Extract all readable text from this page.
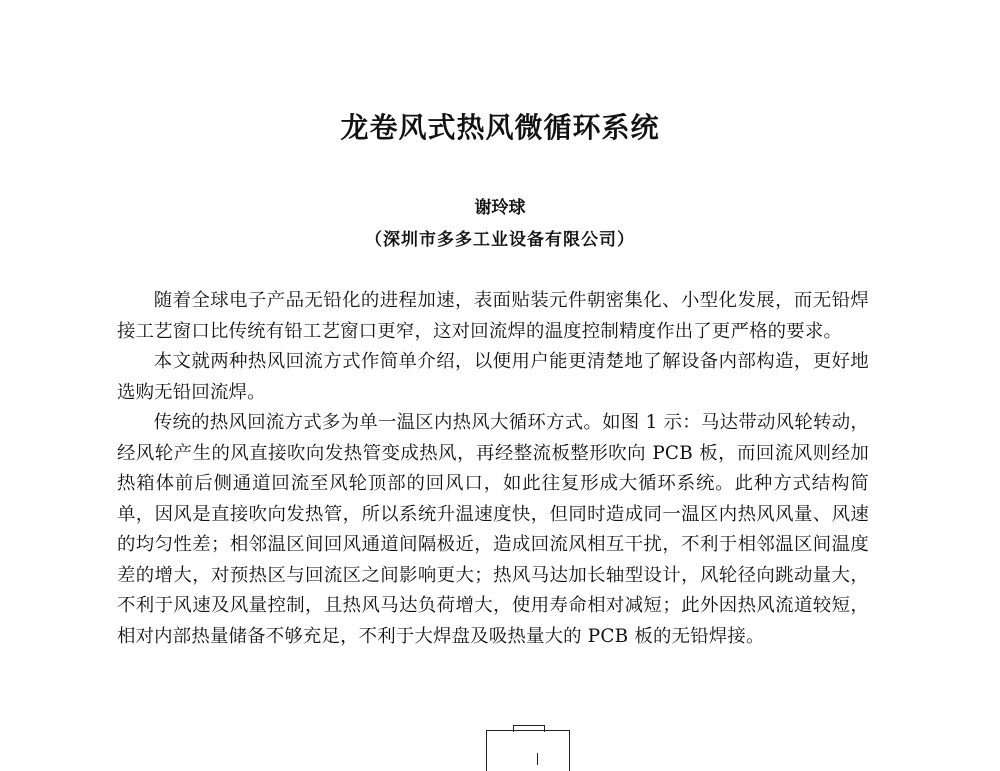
龙卷风式热风微循环系统
谢玲球
（深圳市多多工业设备有限公司）

随着全球电子产品无铅化的进程加速，表面贴装元件朝密集化、小型化发展，而无铅焊接工艺窗口比传统有铅工艺窗口更窄，这对回流焊的温度控制精度作出了更严格的要求。

本文就两种热风回流方式作简单介绍，以便用户能更清楚地了解设备内部构造，更好地选购无铅回流焊。

传统的热风回流方式多为单一温区内热风大循环方式。如图 1 示：马达带动风轮转动，经风轮产生的风直接吹向发热管变成热风，再经整流板整形吹向 PCB 板，而回流风则经加热箱体前后侧通道回流至风轮顶部的回风口，如此往复形成大循环系统。此种方式结构简单，因风是直接吹向发热管，所以系统升温速度快，但同时造成同一温区内热风风量、风速的均匀性差；相邻温区间回风通道间隔极近，造成回流风相互干扰，不利于相邻温区间温度差的增大，对预热区与回流区之间影响更大；热风马达加长轴型设计，风轮径向跳动量大，不利于风速及风量控制，且热风马达负荷增大，使用寿命相对减短；此外因热风流道较短，相对内部热量储备不够充足，不利于大焊盘及吸热量大的 PCB 板的无铅焊接。
